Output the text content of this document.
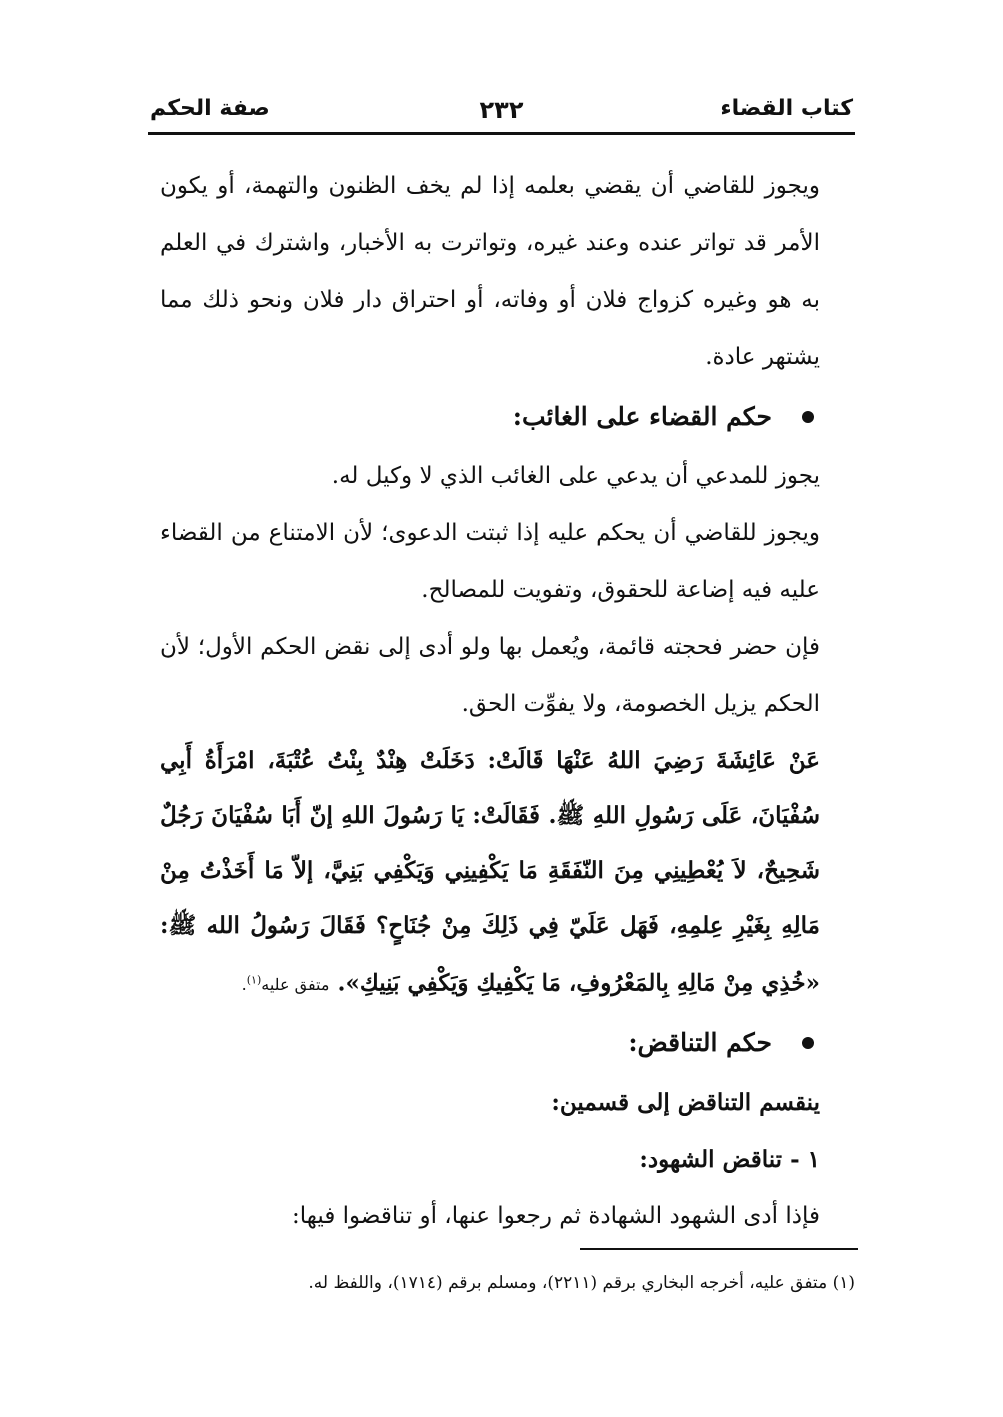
كتاب القضاء
٢٣٢
صفة الحكم

ويجوز للقاضي أن يقضي بعلمه إذا لم يخف الظنون والتهمة، أو يكون الأمر قد تواتر عنده وعند غيره، وتواترت به الأخبار، واشترك في العلم به هو وغيره كزواج فلان أو وفاته، أو احتراق دار فلان ونحو ذلك مما يشتهر عادة.

حكم القضاء على الغائب:

يجوز للمدعي أن يدعي على الغائب الذي لا وكيل له.

ويجوز للقاضي أن يحكم عليه إذا ثبتت الدعوى؛ لأن الامتناع من القضاء عليه فيه إضاعة للحقوق، وتفويت للمصالح.

فإن حضر فحجته قائمة، ويُعمل بها ولو أدى إلى نقض الحكم الأول؛ لأن الحكم يزيل الخصومة، ولا يفوِّت الحق.

عَنْ عَائِشَةَ رَضِيَ اللهُ عَنْهَا قَالَتْ: دَخَلَتْ هِنْدٌ بِنْتُ عُتْبَةَ، امْرَأَةُ أَبِي سُفْيَانَ، عَلَى رَسُولِ اللهِ ﷺ. فَقَالَتْ: يَا رَسُولَ اللهِ إنّ أَبَا سُفْيَانَ رَجُلٌ شَحِيحٌ، لاَ يُعْطِينِي مِنَ النّفَقَةِ مَا يَكْفِينِي وَيَكْفِي بَنِيَّ، إلاّ مَا أَخَذْتُ مِنْ مَالِهِ بِغَيْرِ عِلمِهِ، فَهَل عَلَيّ فِي ذَلِكَ مِنْ جُنَاحٍ؟ فَقَالَ رَسُولُ الله ﷺ: «خُذِي مِنْ مَالِهِ بِالمَعْرُوفِ، مَا يَكْفِيكِ وَيَكْفِي بَنِيكِ». متفق عليه$^{(١)}$.

حكم التناقض:

ينقسم التناقض إلى قسمين:

١ - تناقض الشهود:

فإذا أدى الشهود الشهادة ثم رجعوا عنها، أو تناقضوا فيها:

(١) متفق عليه، أخرجه البخاري برقم (٢٢١١)، ومسلم برقم (١٧١٤)، واللفظ له.
